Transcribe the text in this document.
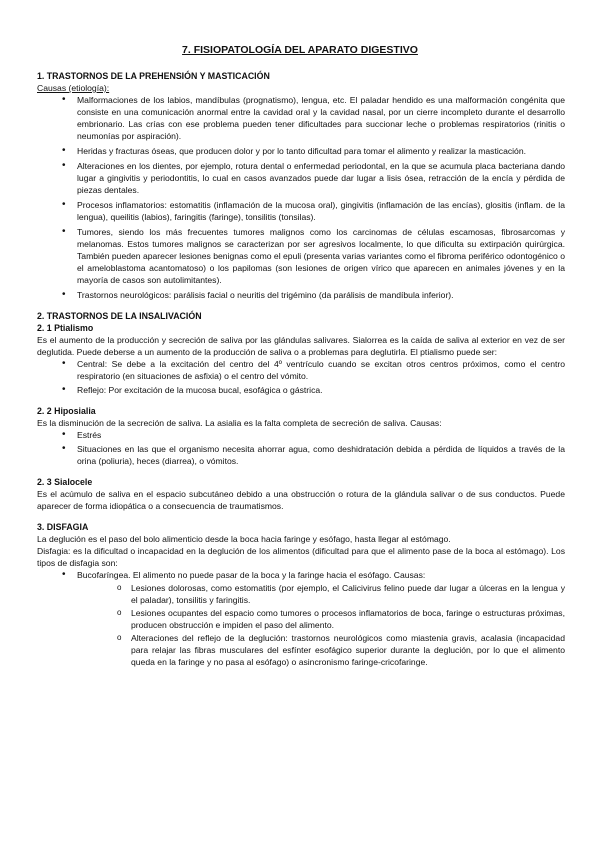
7. FISIOPATOLOGÍA DEL APARATO DIGESTIVO
1. TRASTORNOS DE LA PREHENSIÓN Y MASTICACIÓN
Causas (etiología):
• Malformaciones de los labios, mandíbulas (prognatismo), lengua, etc. El paladar hendido es una malformación congénita que consiste en una comunicación anormal entre la cavidad oral y la cavidad nasal, por un cierre incompleto durante el desarrollo embrionario. Las crías con ese problema pueden tener dificultades para succionar leche o problemas respiratorios (rinitis o neumonías por aspiración).
• Heridas y fracturas óseas, que producen dolor y por lo tanto dificultad para tomar el alimento y realizar la masticación.
• Alteraciones en los dientes, por ejemplo, rotura dental o enfermedad periodontal, en la que se acumula placa bacteriana dando lugar a gingivitis y periodontitis, lo cual en casos avanzados puede dar lugar a lisis ósea, retracción de la encía y pérdida de piezas dentales.
• Procesos inflamatorios: estomatitis (inflamación de la mucosa oral), gingivitis (inflamación de las encías), glositis (inflam. de la lengua), queilitis (labios), faringitis (faringe), tonsilitis (tonsilas).
• Tumores, siendo los más frecuentes tumores malignos como los carcinomas de células escamosas, fibrosarcomas y melanomas. Estos tumores malignos se caracterizan por ser agresivos localmente, lo que dificulta su extirpación quirúrgica. También pueden aparecer lesiones benignas como el epuli (presenta varias variantes como el fibroma periférico odontogénico o el ameloblastoma acantomatoso) o los papilomas (son lesiones de origen vírico que aparecen en animales jóvenes y en la mayoría de casos son autolimitantes).
• Trastornos neurológicos: parálisis facial o neuritis del trigémino (da parálisis de mandíbula inferior).
2. TRASTORNOS DE LA INSALIVACIÓN
2. 1 Ptialismo

Es el aumento de la producción y secreción de saliva por las glándulas salivares. Sialorrea es la caída de saliva al exterior en vez de ser deglutida. Puede deberse a un aumento de la producción de saliva o a problemas para deglutirla. El ptialismo puede ser:

• Central: Se debe a la excitación del centro del 4º ventrículo cuando se excitan otros centros próximos, como el centro respiratorio (en situaciones de asfixia) o el centro del vómito.
• Reflejo: Por excitación de la mucosa bucal, esofágica o gástrica.
2. 2 Hiposialia

Es la disminución de la secreción de saliva. La asialia es la falta completa de secreción de saliva. Causas:

• Estrés
• Situaciones en las que el organismo necesita ahorrar agua, como deshidratación debida a pérdida de líquidos a través de la orina (poliuria), heces (diarrea), o vómitos.
2. 3 Sialocele

Es el acúmulo de saliva en el espacio subcutáneo debido a una obstrucción o rotura de la glándula salivar o de sus conductos. Puede aparecer de forma idiopática o a consecuencia de traumatismos.

3. DISFAGIA

La deglución es el paso del bolo alimenticio desde la boca hacia faringe y esófago, hasta llegar al estómago.

Disfagia: es la dificultad o incapacidad en la deglución de los alimentos (dificultad para que el alimento pase de la boca al estómago). Los tipos de disfagia son:

• Bucofaríngea. El alimento no puede pasar de la boca y la faringe hacia el esófago. Causas:
o Lesiones dolorosas, como estomatitis (por ejemplo, el Calicivirus felino puede dar lugar a úlceras en la lengua y el paladar), tonsilitis y faringitis.
o Lesiones ocupantes del espacio como tumores o procesos inflamatorios de boca, faringe o estructuras próximas, producen obstrucción e impiden el paso del alimento.
o Alteraciones del reflejo de la deglución: trastornos neurológicos como miastenia gravis, acalasia (incapacidad para relajar las fibras musculares del esfínter esofágico superior durante la deglución, por lo que el alimento queda en la faringe y no pasa al esófago) o asincronismo faringe-cricofaringe.
